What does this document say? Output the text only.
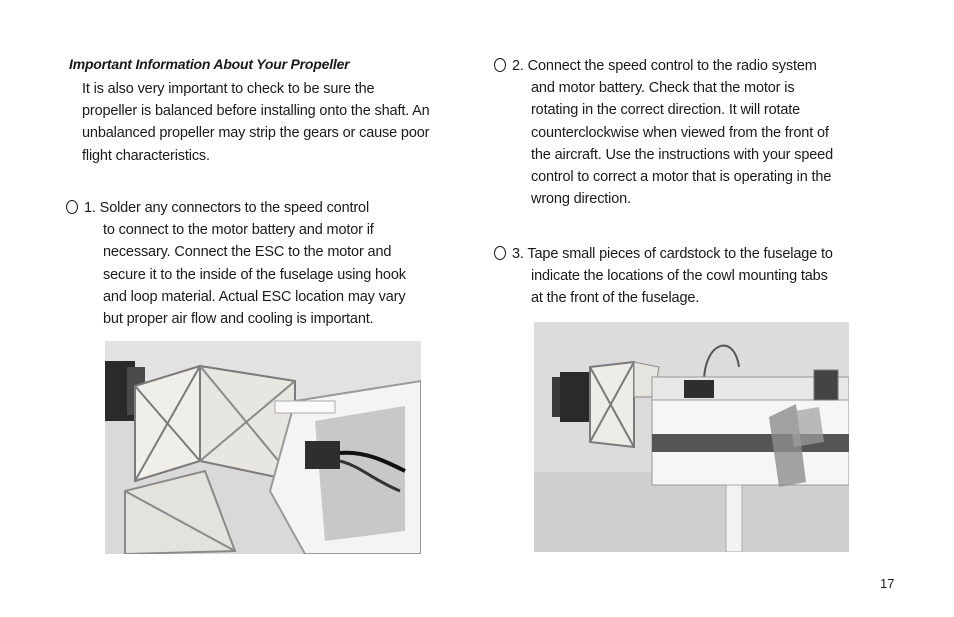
Important Information About Your Propeller
It is also very important to check to be sure the
propeller is balanced before installing onto the shaft. An
unbalanced propeller may strip the gears or cause poor
flight characteristics.
1. Solder any connectors to the speed control
to connect to the motor battery and motor if
necessary. Connect the ESC to the motor and
secure it to the inside of the fuselage using hook
and loop material. Actual ESC location may vary
but proper air flow and cooling is important.
2. Connect the speed control to the radio system
and motor battery. Check that the motor is
rotating in the correct direction. It will rotate
counterclockwise when viewed from the front of
the aircraft. Use the instructions with your speed
control to correct a motor that is operating in the
wrong direction.
3. Tape small pieces of cardstock to the fuselage to
indicate the locations of the cowl mounting tabs
at the front of the fuselage.
17
